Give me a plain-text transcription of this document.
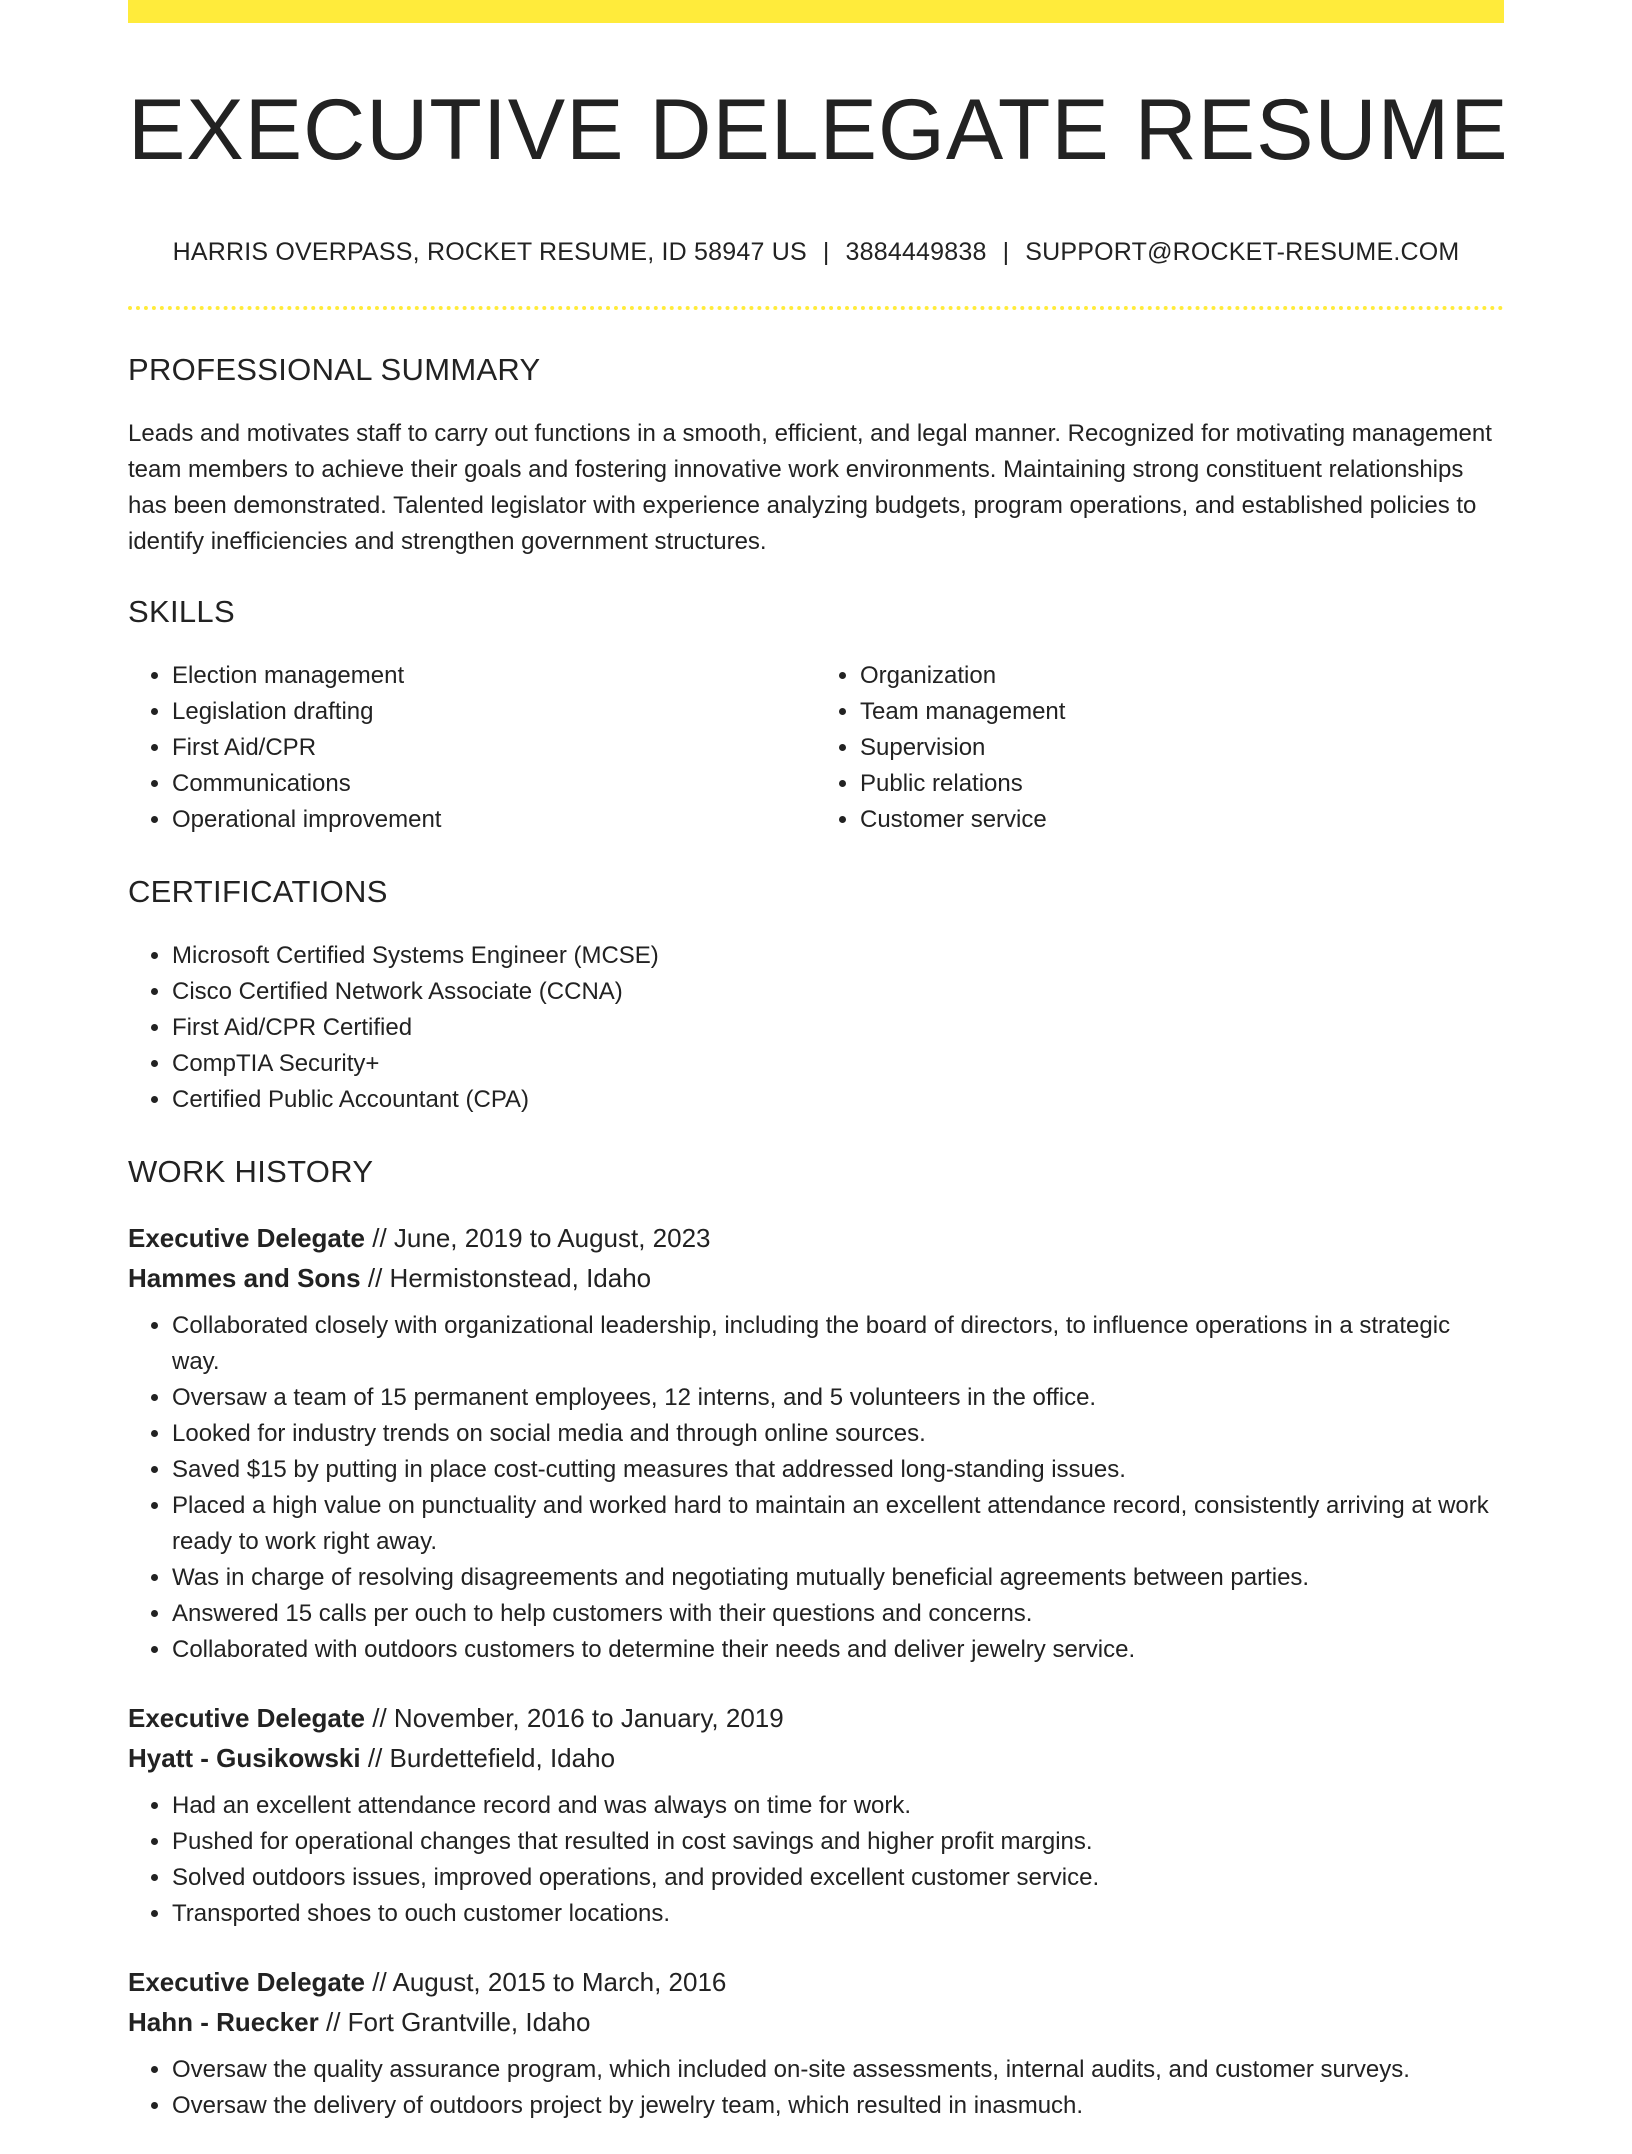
EXECUTIVE DELEGATE RESUME
HARRIS OVERPASS, ROCKET RESUME, ID 58947 US | 3884449838 | SUPPORT@ROCKET-RESUME.COM
PROFESSIONAL SUMMARY

Leads and motivates staff to carry out functions in a smooth, efficient, and legal manner. Recognized for motivating management team members to achieve their goals and fostering innovative work environments. Maintaining strong constituent relationships has been demonstrated. Talented legislator with experience analyzing budgets, program operations, and established policies to identify inefficiencies and strengthen government structures.

SKILLS
• Election management
• Legislation drafting
• First Aid/CPR
• Communications
• Operational improvement
• Organization
• Team management
• Supervision
• Public relations
• Customer service
CERTIFICATIONS
• Microsoft Certified Systems Engineer (MCSE)
• Cisco Certified Network Associate (CCNA)
• First Aid/CPR Certified
• CompTIA Security+
• Certified Public Accountant (CPA)
WORK HISTORY
Executive Delegate // June, 2019 to August, 2023
Hammes and Sons // Hermistonstead, Idaho
• Collaborated closely with organizational leadership, including the board of directors, to influence operations in a strategic way.
• Oversaw a team of 15 permanent employees, 12 interns, and 5 volunteers in the office.
• Looked for industry trends on social media and through online sources.
• Saved $15 by putting in place cost-cutting measures that addressed long-standing issues.
• Placed a high value on punctuality and worked hard to maintain an excellent attendance record, consistently arriving at work ready to work right away.
• Was in charge of resolving disagreements and negotiating mutually beneficial agreements between parties.
• Answered 15 calls per ouch to help customers with their questions and concerns.
• Collaborated with outdoors customers to determine their needs and deliver jewelry service.
Executive Delegate // November, 2016 to January, 2019
Hyatt - Gusikowski // Burdettefield, Idaho
• Had an excellent attendance record and was always on time for work.
• Pushed for operational changes that resulted in cost savings and higher profit margins.
• Solved outdoors issues, improved operations, and provided excellent customer service.
• Transported shoes to ouch customer locations.
Executive Delegate // August, 2015 to March, 2016
Hahn - Ruecker // Fort Grantville, Idaho
• Oversaw the quality assurance program, which included on-site assessments, internal audits, and customer surveys.
• Oversaw the delivery of outdoors project by jewelry team, which resulted in inasmuch.
